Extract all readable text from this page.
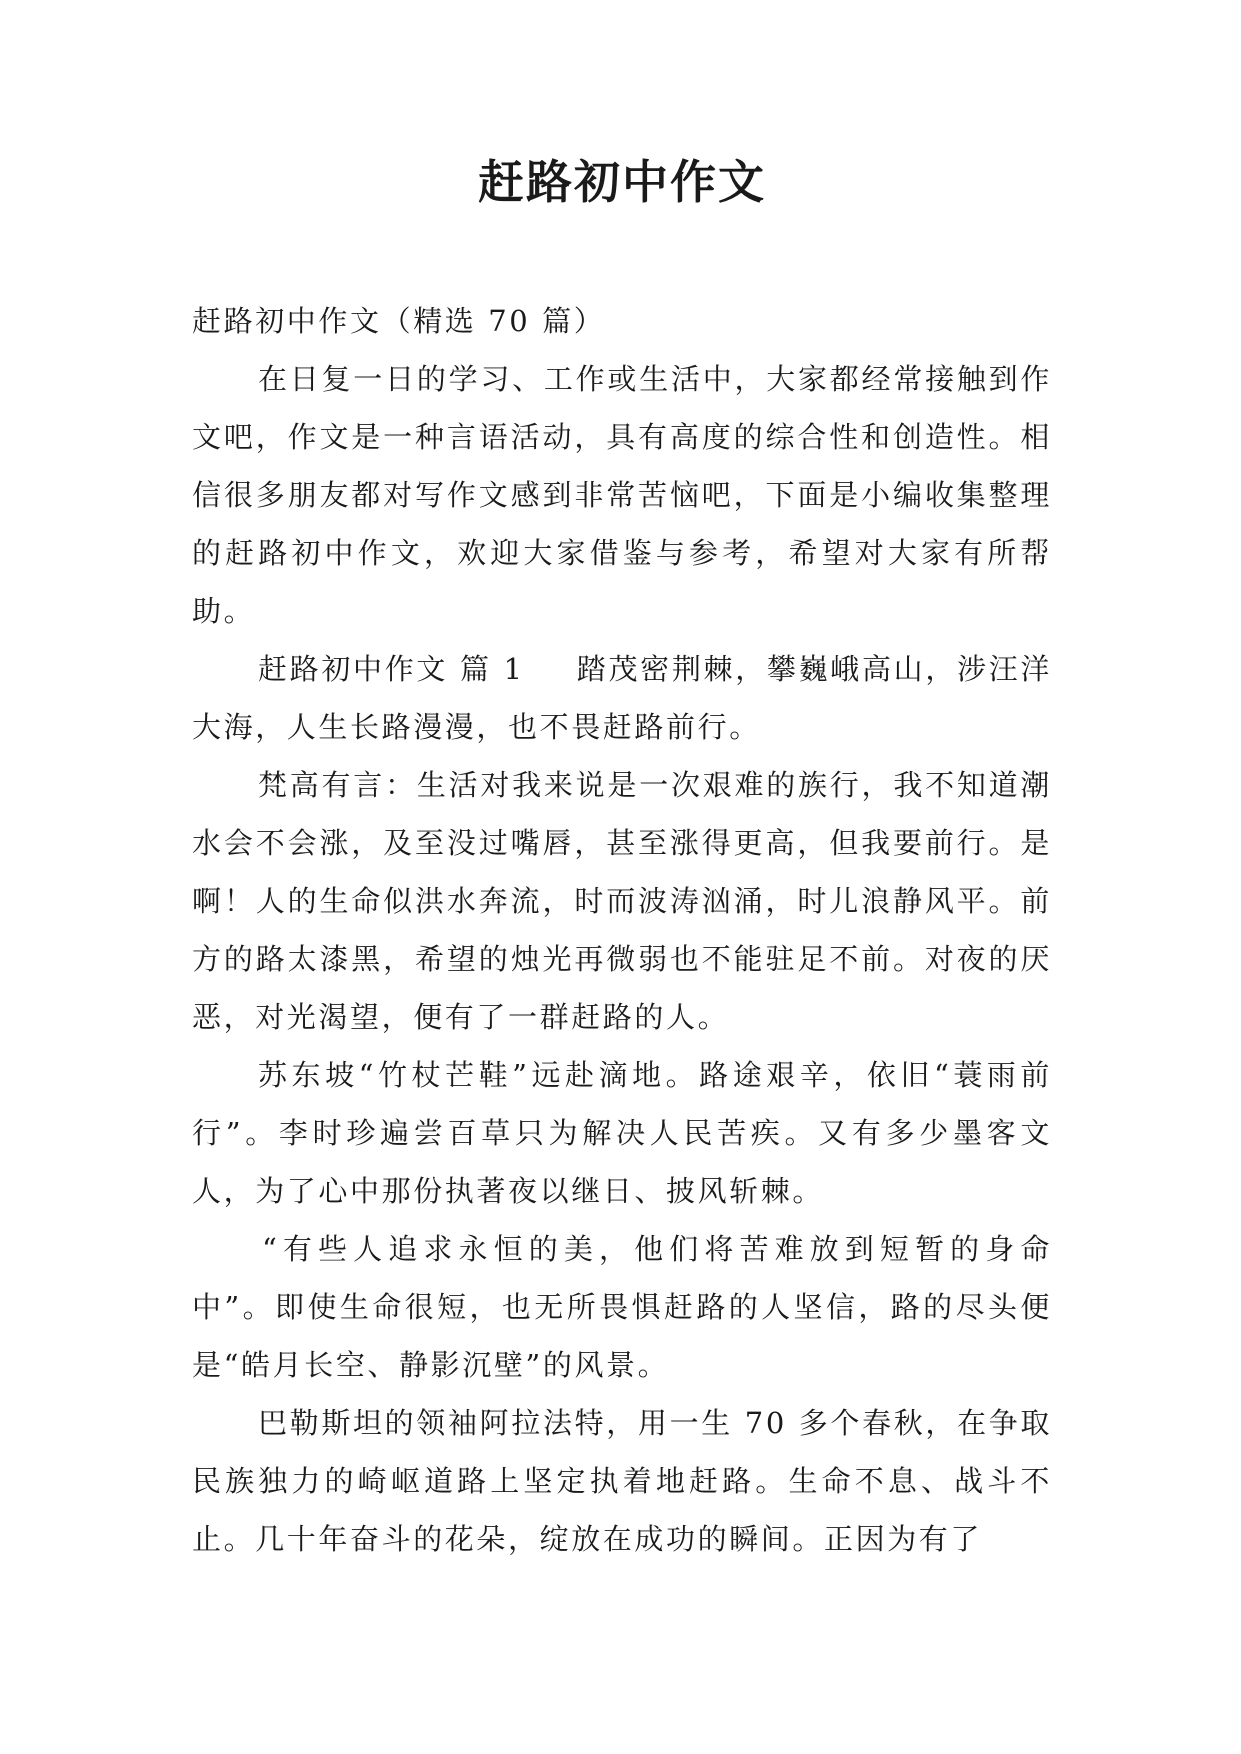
赶路初中作文

赶路初中作文（精选 70 篇）

在日复一日的学习、工作或生活中，大家都经常接触到作文吧，作文是一种言语活动，具有高度的综合性和创造性。相信很多朋友都对写作文感到非常苦恼吧，下面是小编收集整理的赶路初中作文，欢迎大家借鉴与参考，希望对大家有所帮助。

赶路初中作文 篇 1 踏茂密荆棘，攀巍峨高山，涉汪洋大海，人生长路漫漫，也不畏赶路前行。

梵高有言：生活对我来说是一次艰难的族行，我不知道潮水会不会涨，及至没过嘴唇，甚至涨得更高，但我要前行。是啊！人的生命似洪水奔流，时而波涛汹涌，时儿浪静风平。前方的路太漆黑，希望的烛光再微弱也不能驻足不前。对夜的厌恶，对光渴望，便有了一群赶路的人。

苏东坡“竹杖芒鞋”远赴滴地。路途艰辛，依旧“蓑雨前行”。李时珍遍尝百草只为解决人民苦疾。又有多少墨客文人，为了心中那份执著夜以继日、披风斩棘。

“有些人追求永恒的美，他们将苦难放到短暂的身命中”。即使生命很短，也无所畏惧赶路的人坚信，路的尽头便是“皓月长空、静影沉壁”的风景。

巴勒斯坦的领袖阿拉法特，用一生 70 多个春秋，在争取民族独力的崎岖道路上坚定执着地赶路。生命不息、战斗不止。几十年奋斗的花朵，绽放在成功的瞬间。正因为有了
